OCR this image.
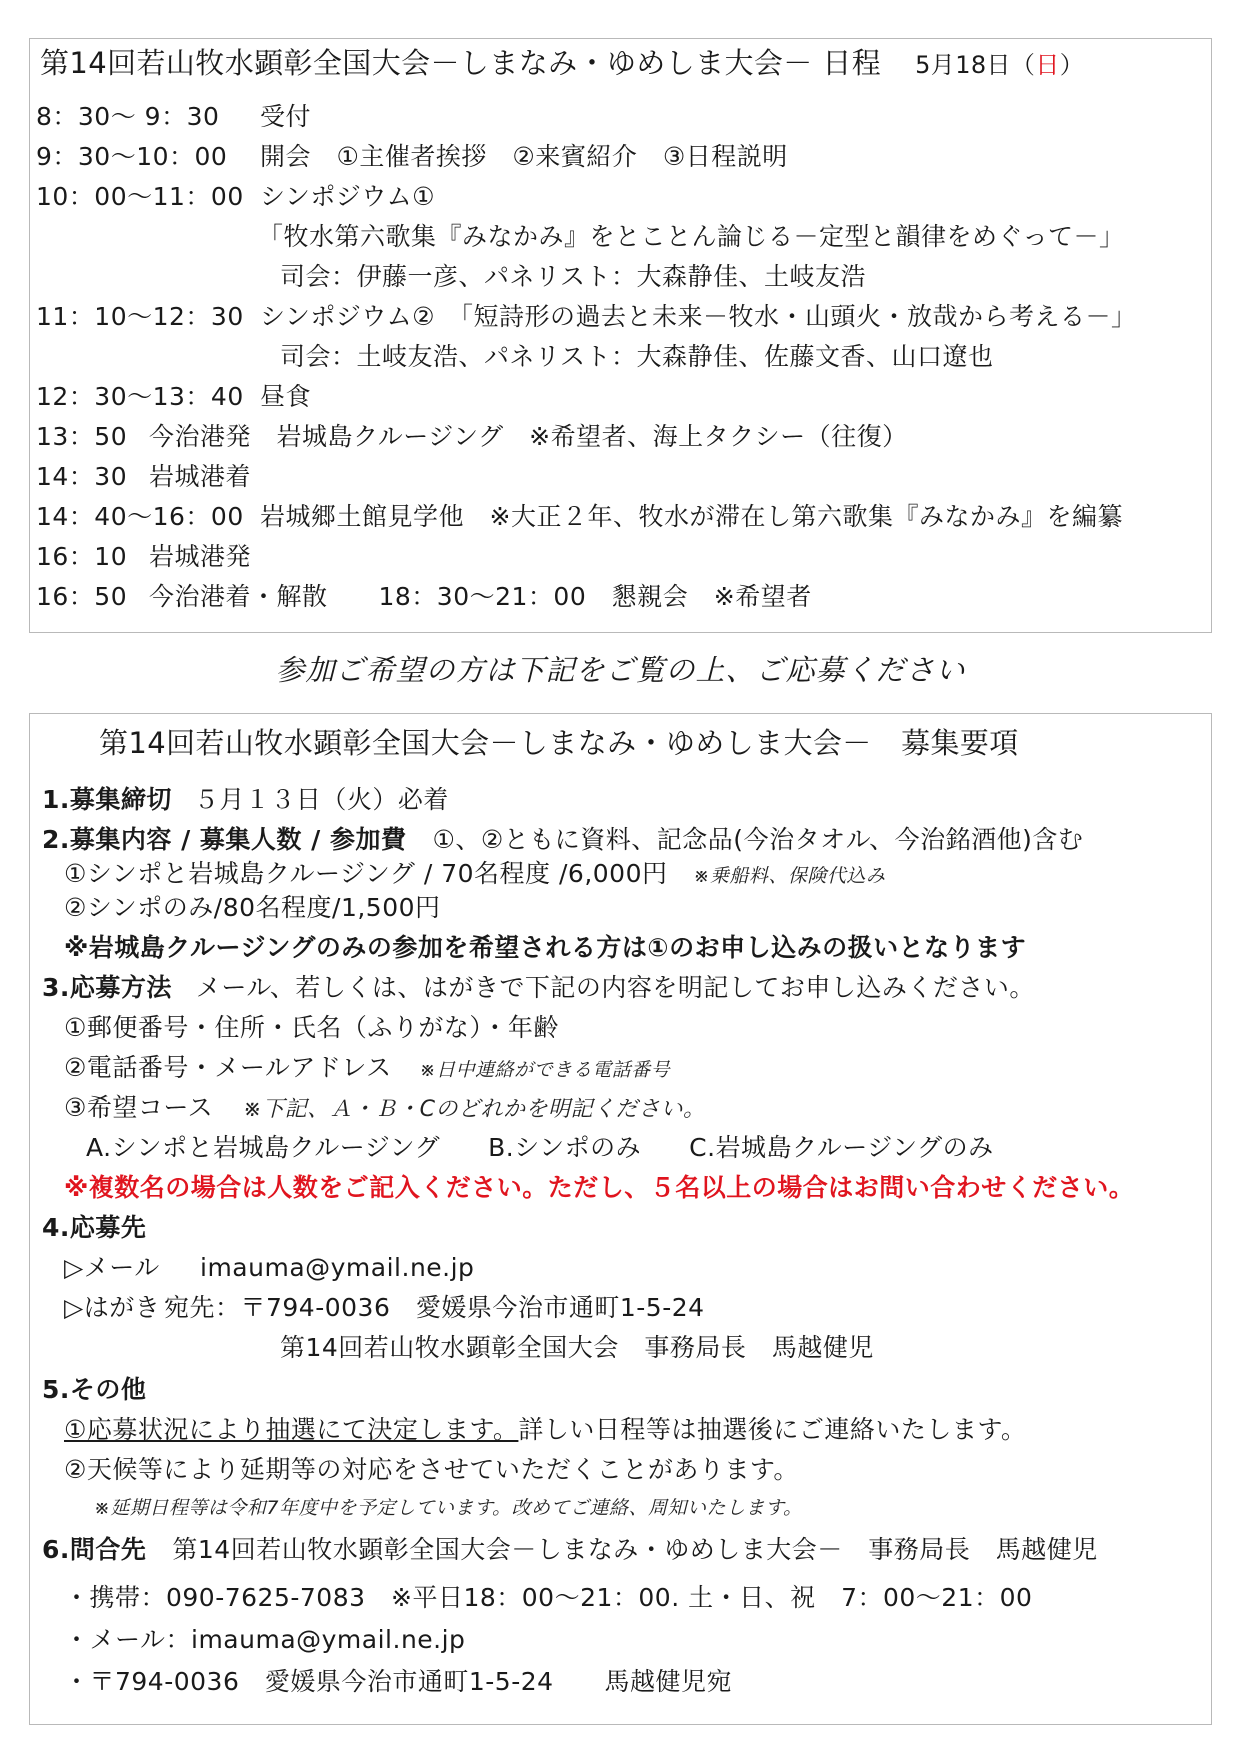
第14回若山牧水顕彰全国大会－しまなみ・ゆめしま大会－ 日程 5月18日（日）
8：30～ 9：30 受付
9：30～10：00 開会　①主催者挨拶　②来賓紹介　③日程説明
10：00～11：00 シンポジウム①
「牧水第六歌集『みなかみ』をとことん論じる－定型と韻律をめぐって－」
司会：伊藤一彦、パネリスト：大森静佳、土岐友浩
11：10～12：30 シンポジウム②　「短詩形の過去と未来－牧水・山頭火・放哉から考える－」
司会：土岐友浩、パネリスト：大森静佳、佐藤文香、山口遼也
12：30～13：40 昼食
13：50 今治港発　岩城島クルージング　※希望者、海上タクシー（往復）
14：30 岩城港着
14：40～16：00 岩城郷土館見学他　※大正２年、牧水が滞在し第六歌集『みなかみ』を編纂
16：10 岩城港発
16：50 今治港着・解散　　18：30～21：00　懇親会　※希望者
参加ご希望の方は下記をご覧の上、ご応募ください
第14回若山牧水顕彰全国大会－しまなみ・ゆめしま大会－　募集要項
1.募集締切 ５月１３日（火）必着
2.募集内容 / 募集人数 / 参加費 ①、②ともに資料、記念品(今治タオル、今治銘酒他)含む
①シンポと岩城島クルージング / 70名程度 /6,000円 ※乗船料、保険代込み
②シンポのみ/80名程度/1,500円
※岩城島クルージングのみの参加を希望される方は①のお申し込みの扱いとなります
3.応募方法 メール、若しくは、はがきで下記の内容を明記してお申し込みください。
①郵便番号・住所・氏名（ふりがな）・年齢
②電話番号・メールアドレス ※日中連絡ができる電話番号
③希望コース ※下記、Ａ・Ｂ・Cのどれかを明記ください。
A.シンポと岩城島クルージング B.シンポのみ C.岩城島クルージングのみ
※複数名の場合は人数をご記入ください。ただし、５名以上の場合はお問い合わせください。
4.応募先
▷メール imauma@ymail.ne.jp
▷はがき 宛先：〒794-0036　愛媛県今治市通町1-5-24
第14回若山牧水顕彰全国大会　事務局長　馬越健児
5.その他
①応募状況により抽選にて決定します。詳しい日程等は抽選後にご連絡いたします。
②天候等により延期等の対応をさせていただくことがあります。
※延期日程等は令和7年度中を予定しています。改めてご連絡、周知いたします。
6.問合先 第14回若山牧水顕彰全国大会－しまなみ・ゆめしま大会－　事務局長　馬越健児
・携帯：090-7625-7083　※平日18：00～21：00. 土・日、祝　7：00～21：00
・メール：imauma@ymail.ne.jp
・〒794-0036　愛媛県今治市通町1-5-24　　馬越健児宛
